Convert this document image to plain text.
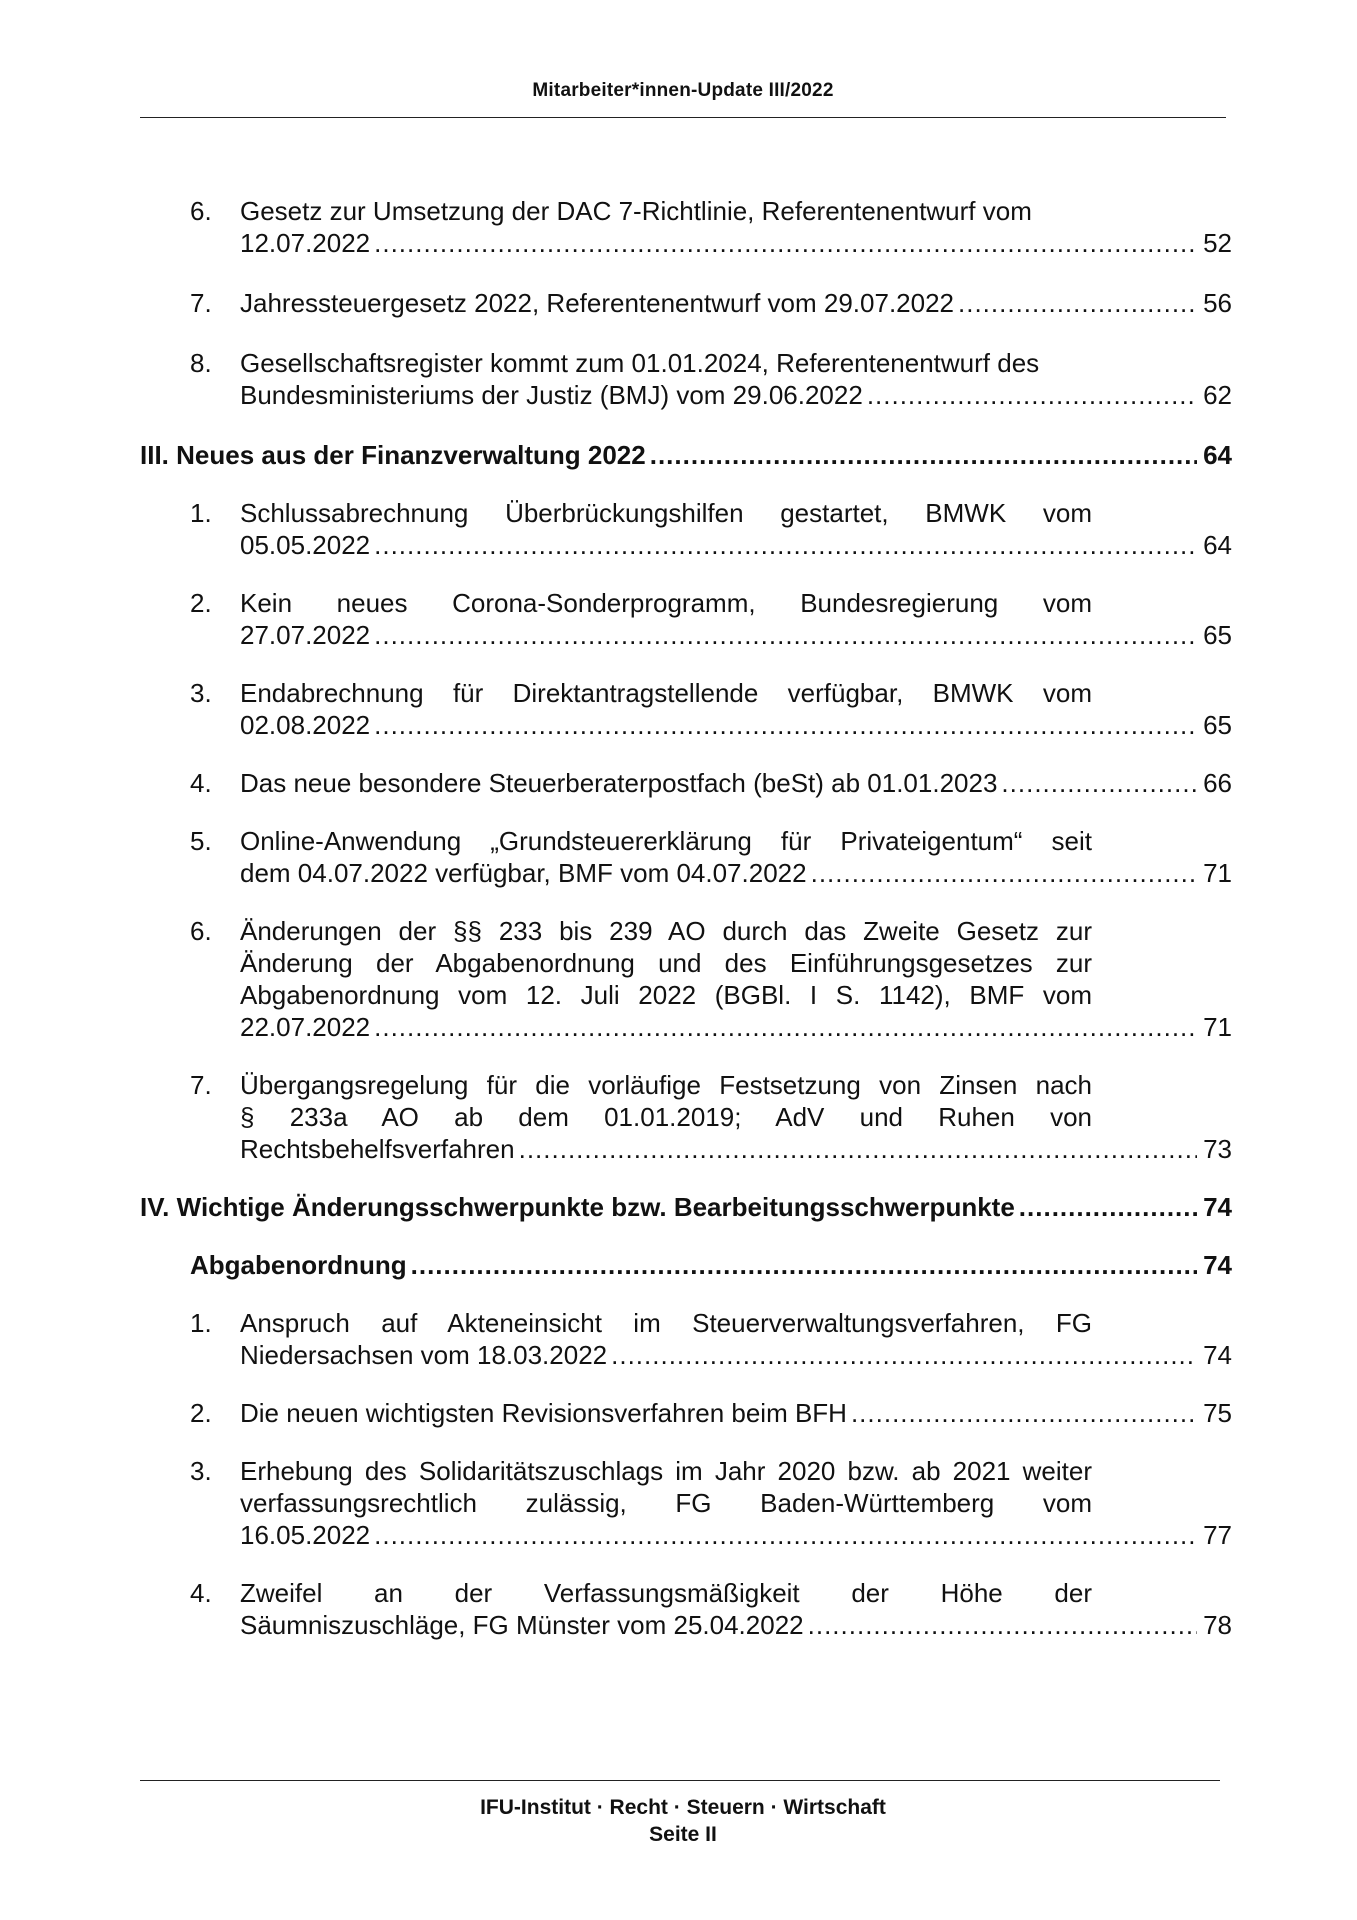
Mitarbeiter*innen-Update III/2022
6. Gesetz zur Umsetzung der DAC 7-Richtlinie, Referentenentwurf vom
12.07.2022 .....	52
7. Jahressteuergesetz 2022, Referentenentwurf vom 29.07.2022 .....	56
8. Gesellschaftsregister kommt zum 01.01.2024, Referentenentwurf des
Bundesministeriums der Justiz (BMJ) vom 29.06.2022 .....	62
III. Neues aus der Finanzverwaltung 2022 .....	64
1. Schlussabrechnung Überbrückungshilfen gestartet, BMWK vom
05.05.2022 .....	64
2. Kein neues Corona-Sonderprogramm, Bundesregierung vom
27.07.2022 .....	65
3. Endabrechnung für Direktantragstellende verfügbar, BMWK vom
02.08.2022 .....	65
4. Das neue besondere Steuerberaterpostfach (beSt) ab 01.01.2023 .....	66
5. Online-Anwendung „Grundsteuererklärung für Privateigentum“ seit
dem 04.07.2022 verfügbar, BMF vom 04.07.2022 .....	71
6. Änderungen der §§ 233 bis 239 AO durch das Zweite Gesetz zur
Änderung der Abgabenordnung und des Einführungsgesetzes zur
Abgabenordnung vom 12. Juli 2022 (BGBl. I S. 1142), BMF vom
22.07.2022 .....	71
7. Übergangsregelung für die vorläufige Festsetzung von Zinsen nach
§ 233a AO ab dem 01.01.2019; AdV und Ruhen von
Rechtsbehelfsverfahren .....	73
IV. Wichtige Änderungsschwerpunkte bzw. Bearbeitungsschwerpunkte .....	74
Abgabenordnung .....	74
1. Anspruch auf Akteneinsicht im Steuerverwaltungsverfahren, FG
Niedersachsen vom 18.03.2022 .....	74
2. Die neuen wichtigsten Revisionsverfahren beim BFH .....	75
3. Erhebung des Solidaritätszuschlags im Jahr 2020 bzw. ab 2021 weiter
verfassungsrechtlich zulässig, FG Baden-Württemberg vom
16.05.2022 .....	77
4. Zweifel an der Verfassungsmäßigkeit der Höhe der
Säumniszuschläge, FG Münster vom 25.04.2022 .....	78
IFU-Institut · Recht · Steuern · Wirtschaft
Seite II
